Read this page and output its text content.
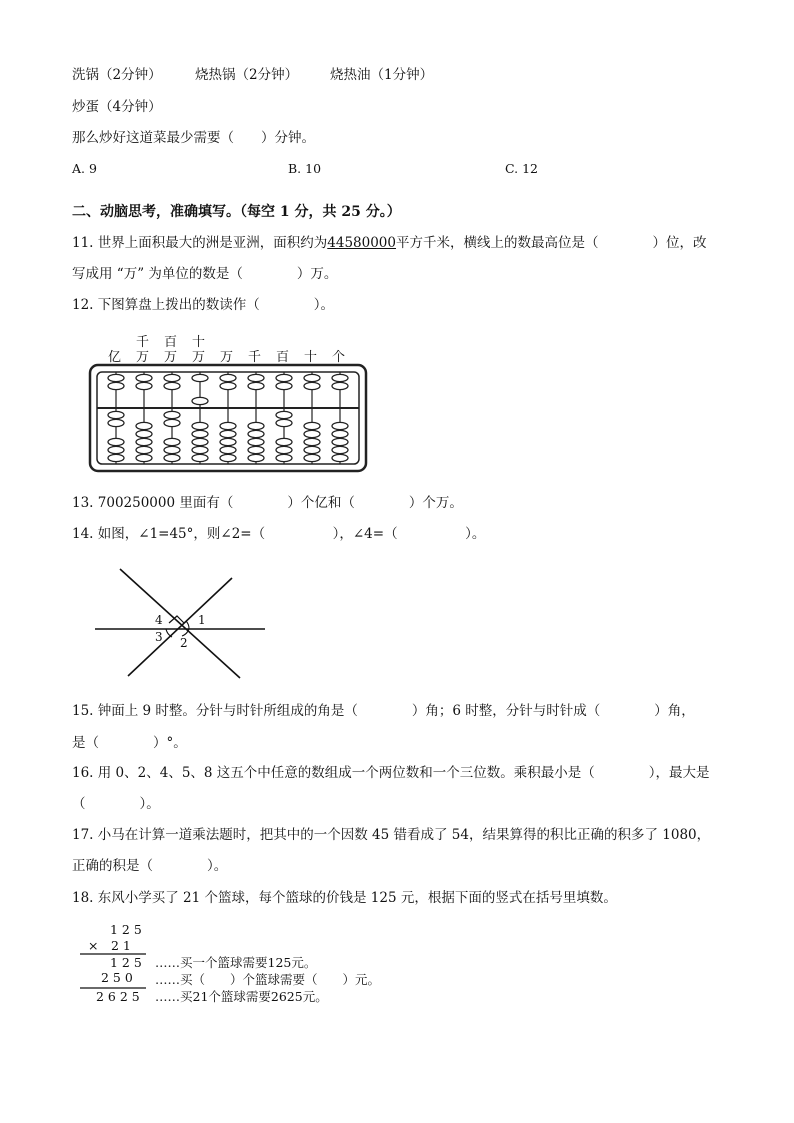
洗锅（2分钟） 烧热锅（2分钟） 烧热油（1分钟）
炒蛋（4分钟）
那么炒好这道菜最少需要（　　）分钟。
A. 9	B. 10	C. 12
二、动脑思考，准确填写。（每空 1 分，共 25 分。）
11. 世界上面积最大的洲是亚洲，面积约为44580000平方千米，横线上的数最高位是（　　　　）位，改
写成用 “万” 为单位的数是（　　　　）万。
12. 下图算盘上拨出的数读作（　　　　）。
千 百 十
亿 万 万 万 万 千 百 十 个
13. 700250000 里面有（　　　　）个亿和（　　　　）个万。
14. 如图，∠1=45°，则∠2=（　　　　　），∠4=（　　　　　）。
4	1
3 2
15. 钟面上 9 时整。分针与时针所组成的角是（　　　　）角；6 时整，分针与时针成（　　　　）角，
是（　　　　）°。
16. 用 0、2、4、5、8 这五个中任意的数组成一个两位数和一个三位数。乘积最小是（　　　　），最大是
（　　　　）。
17. 小马在计算一道乘法题时，把其中的一个因数 45 错看成了 54，结果算得的积比正确的积多了 1080，
正确的积是（　　　　）。
18. 东风小学买了 21 个篮球，每个篮球的价钱是 125 元，根据下面的竖式在括号里填数。
1 2 5
×　2 1
1 2 5
2 5 0
2 6 2 5
……买一个篮球需要125元。
……买（　　）个篮球需要（　　）元。
……买21个篮球需要2625元。
